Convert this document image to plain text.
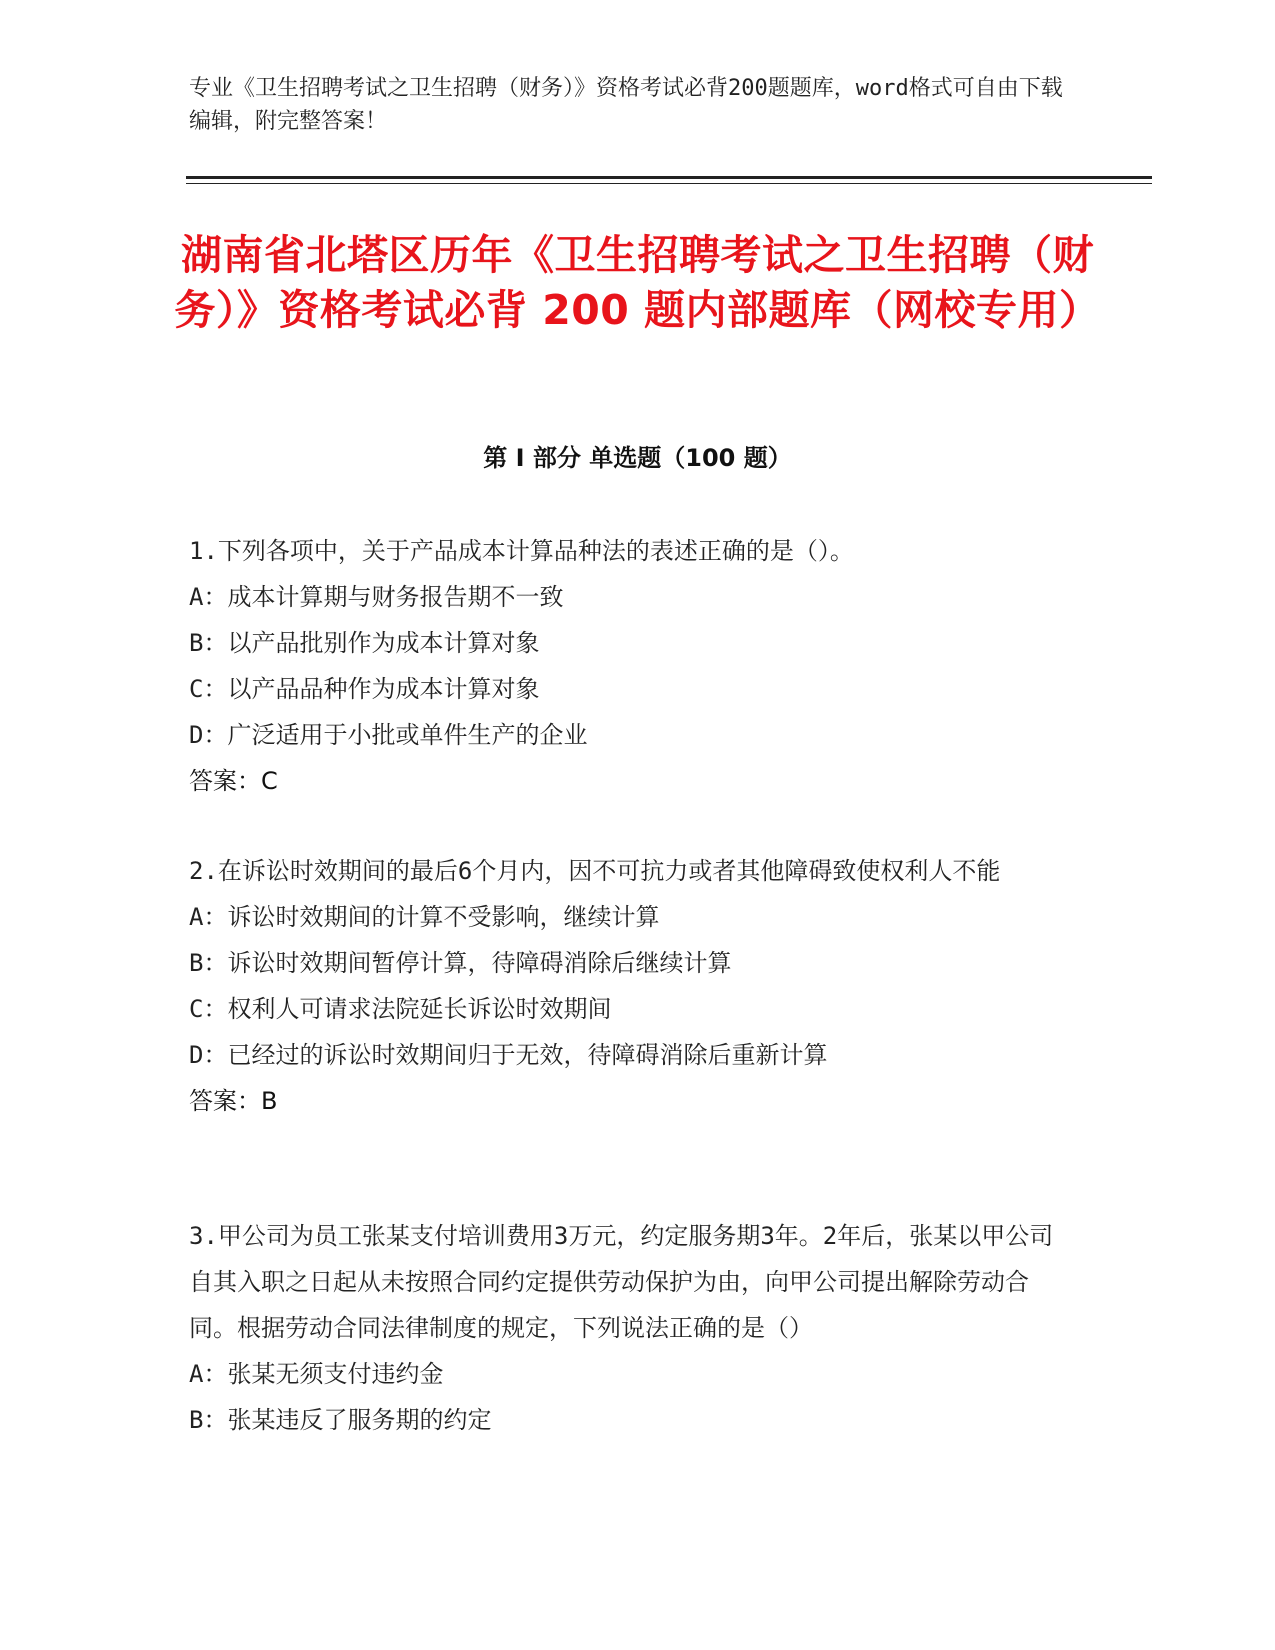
专业《卫生招聘考试之卫生招聘（财务）》资格考试必背200题题库，word格式可自由下载编辑，附完整答案！
湖南省北塔区历年《卫生招聘考试之卫生招聘（财务）》资格考试必背 200 题内部题库（网校专用）
第 I 部分 单选题（100 题）
1.下列各项中，关于产品成本计算品种法的表述正确的是（）。
A：成本计算期与财务报告期不一致
B：以产品批别作为成本计算对象
C：以产品品种作为成本计算对象
D：广泛适用于小批或单件生产的企业
答案：C
2.在诉讼时效期间的最后6个月内，因不可抗力或者其他障碍致使权利人不能
A：诉讼时效期间的计算不受影响，继续计算
B：诉讼时效期间暂停计算，待障碍消除后继续计算
C：权利人可请求法院延长诉讼时效期间
D：已经过的诉讼时效期间归于无效，待障碍消除后重新计算
答案：B
3.甲公司为员工张某支付培训费用3万元，约定服务期3年。2年后，张某以甲公司自其入职之日起从未按照合同约定提供劳动保护为由，向甲公司提出解除劳动合同。根据劳动合同法律制度的规定，下列说法正确的是（）
A：张某无须支付违约金
B：张某违反了服务期的约定
